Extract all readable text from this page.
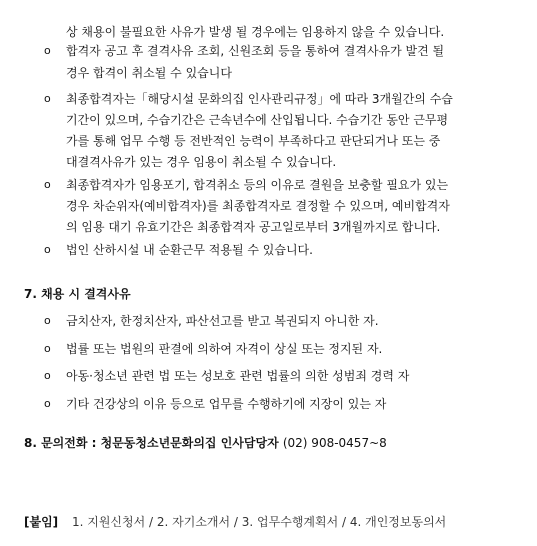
상 채용이 불필요한 사유가 발생 될 경우에는 임용하지 않을 수 있습니다.
o 합격자 공고 후 결격사유 조회, 신원조회 등을 통하여 결격사유가 발견 될
경우 합격이 취소될 수 있습니다
o 최종합격자는「해당시설 문화의집 인사관리규정」에 따라 3개월간의 수습
기간이 있으며, 수습기간은 근속년수에 산입됩니다. 수습기간 동안 근무평
가를 통해 업무 수행 등 전반적인 능력이 부족하다고 판단되거나 또는 중
대결격사유가 있는 경우 임용이 취소될 수 있습니다.
o 최종합격자가 임용포기, 합격취소 등의 이유로 결원을 보충할 필요가 있는
경우 차순위자(예비합격자)를 최종합격자로 결정할 수 있으며, 예비합격자
의 임용 대기 유효기간은 최종합격자 공고일로부터 3개월까지로 합니다.
o 법인 산하시설 내 순환근무 적용될 수 있습니다.
7. 채용 시 결격사유
o 금치산자, 한정치산자, 파산선고를 받고 복권되지 아니한 자.
o 법률 또는 법원의 판결에 의하여 자격이 상실 또는 정지된 자.
o 아동·청소년 관련 법 또는 성보호 관련 법률의 의한 성범죄 경력 자
o 기타 건강상의 이유 등으로 업무를 수행하기에 지장이 있는 자
8. 문의전화 : 청문동청소년문화의집 인사담당자 (02) 908-0457~8
[붙임] 1. 지원신청서 / 2. 자기소개서 / 3. 업무수행계획서 / 4. 개인정보동의서
